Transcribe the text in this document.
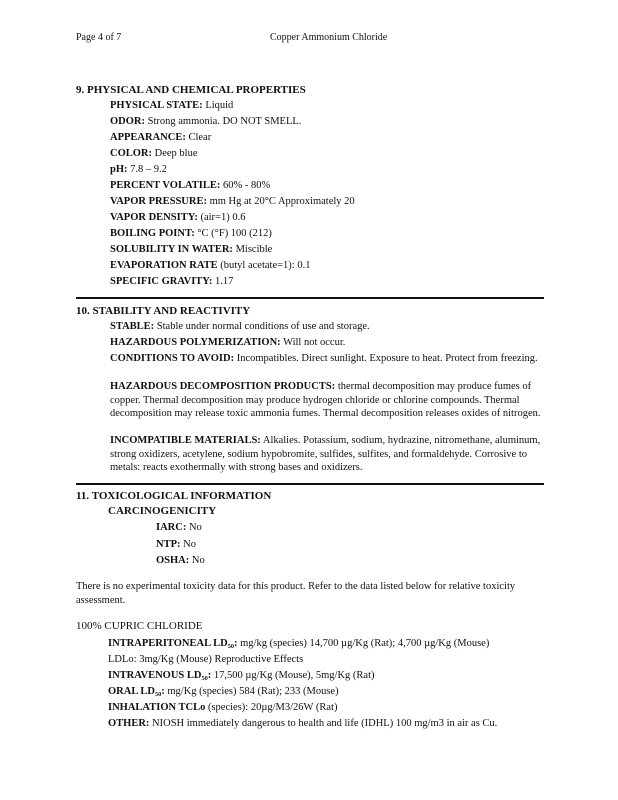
Page 4 of 7	Copper Ammonium Chloride
9. PHYSICAL AND CHEMICAL PROPERTIES
PHYSICAL STATE: Liquid
ODOR: Strong ammonia. DO NOT SMELL.
APPEARANCE: Clear
COLOR: Deep blue
pH: 7.8 – 9.2
PERCENT VOLATILE: 60% - 80%
VAPOR PRESSURE: mm Hg at 20°C Approximately 20
VAPOR DENSITY: (air=1) 0.6
BOILING POINT: °C (°F) 100 (212)
SOLUBILITY IN WATER: Miscible
EVAPORATION RATE (butyl acetate=1): 0.1
SPECIFIC GRAVITY: 1.17
10. STABILITY AND REACTIVITY
STABLE: Stable under normal conditions of use and storage.
HAZARDOUS POLYMERIZATION: Will not occur.
CONDITIONS TO AVOID: Incompatibles. Direct sunlight. Exposure to heat. Protect from freezing.
HAZARDOUS DECOMPOSITION PRODUCTS: thermal decomposition may produce fumes of copper. Thermal decomposition may produce hydrogen chloride or chlorine compounds. Thermal decomposition may release toxic ammonia fumes. Thermal decomposition releases oxides of nitrogen.
INCOMPATIBLE MATERIALS: Alkalies. Potassium, sodium, hydrazine, nitromethane, aluminum, strong oxidizers, acetylene, sodium hypobromite, sulfides, sulfites, and formaldehyde. Corrosive to metals: reacts exothermally with strong bases and oxidizers.
11. TOXICOLOGICAL INFORMATION
CARCINOGENICITY
IARC: No
NTP: No
OSHA: No
There is no experimental toxicity data for this product. Refer to the data listed below for relative toxicity assessment.
100% CUPRIC CHLORIDE
INTRAPERITONEAL LD₅₀: mg/kg (species) 14,700 µg/Kg (Rat); 4,700 µg/Kg (Mouse)
LDLo: 3mg/Kg (Mouse) Reproductive Effects
INTRAVENOUS LD₅₀: 17,500 µg/Kg (Mouse), 5mg/Kg (Rat)
ORAL LD₅₀: mg/Kg (species) 584 (Rat); 233 (Mouse)
INHALATION TCLo (species): 20µg/M3/26W (Rat)
OTHER: NIOSH immediately dangerous to health and life (IDHL) 100 mg/m3 in air as Cu.
